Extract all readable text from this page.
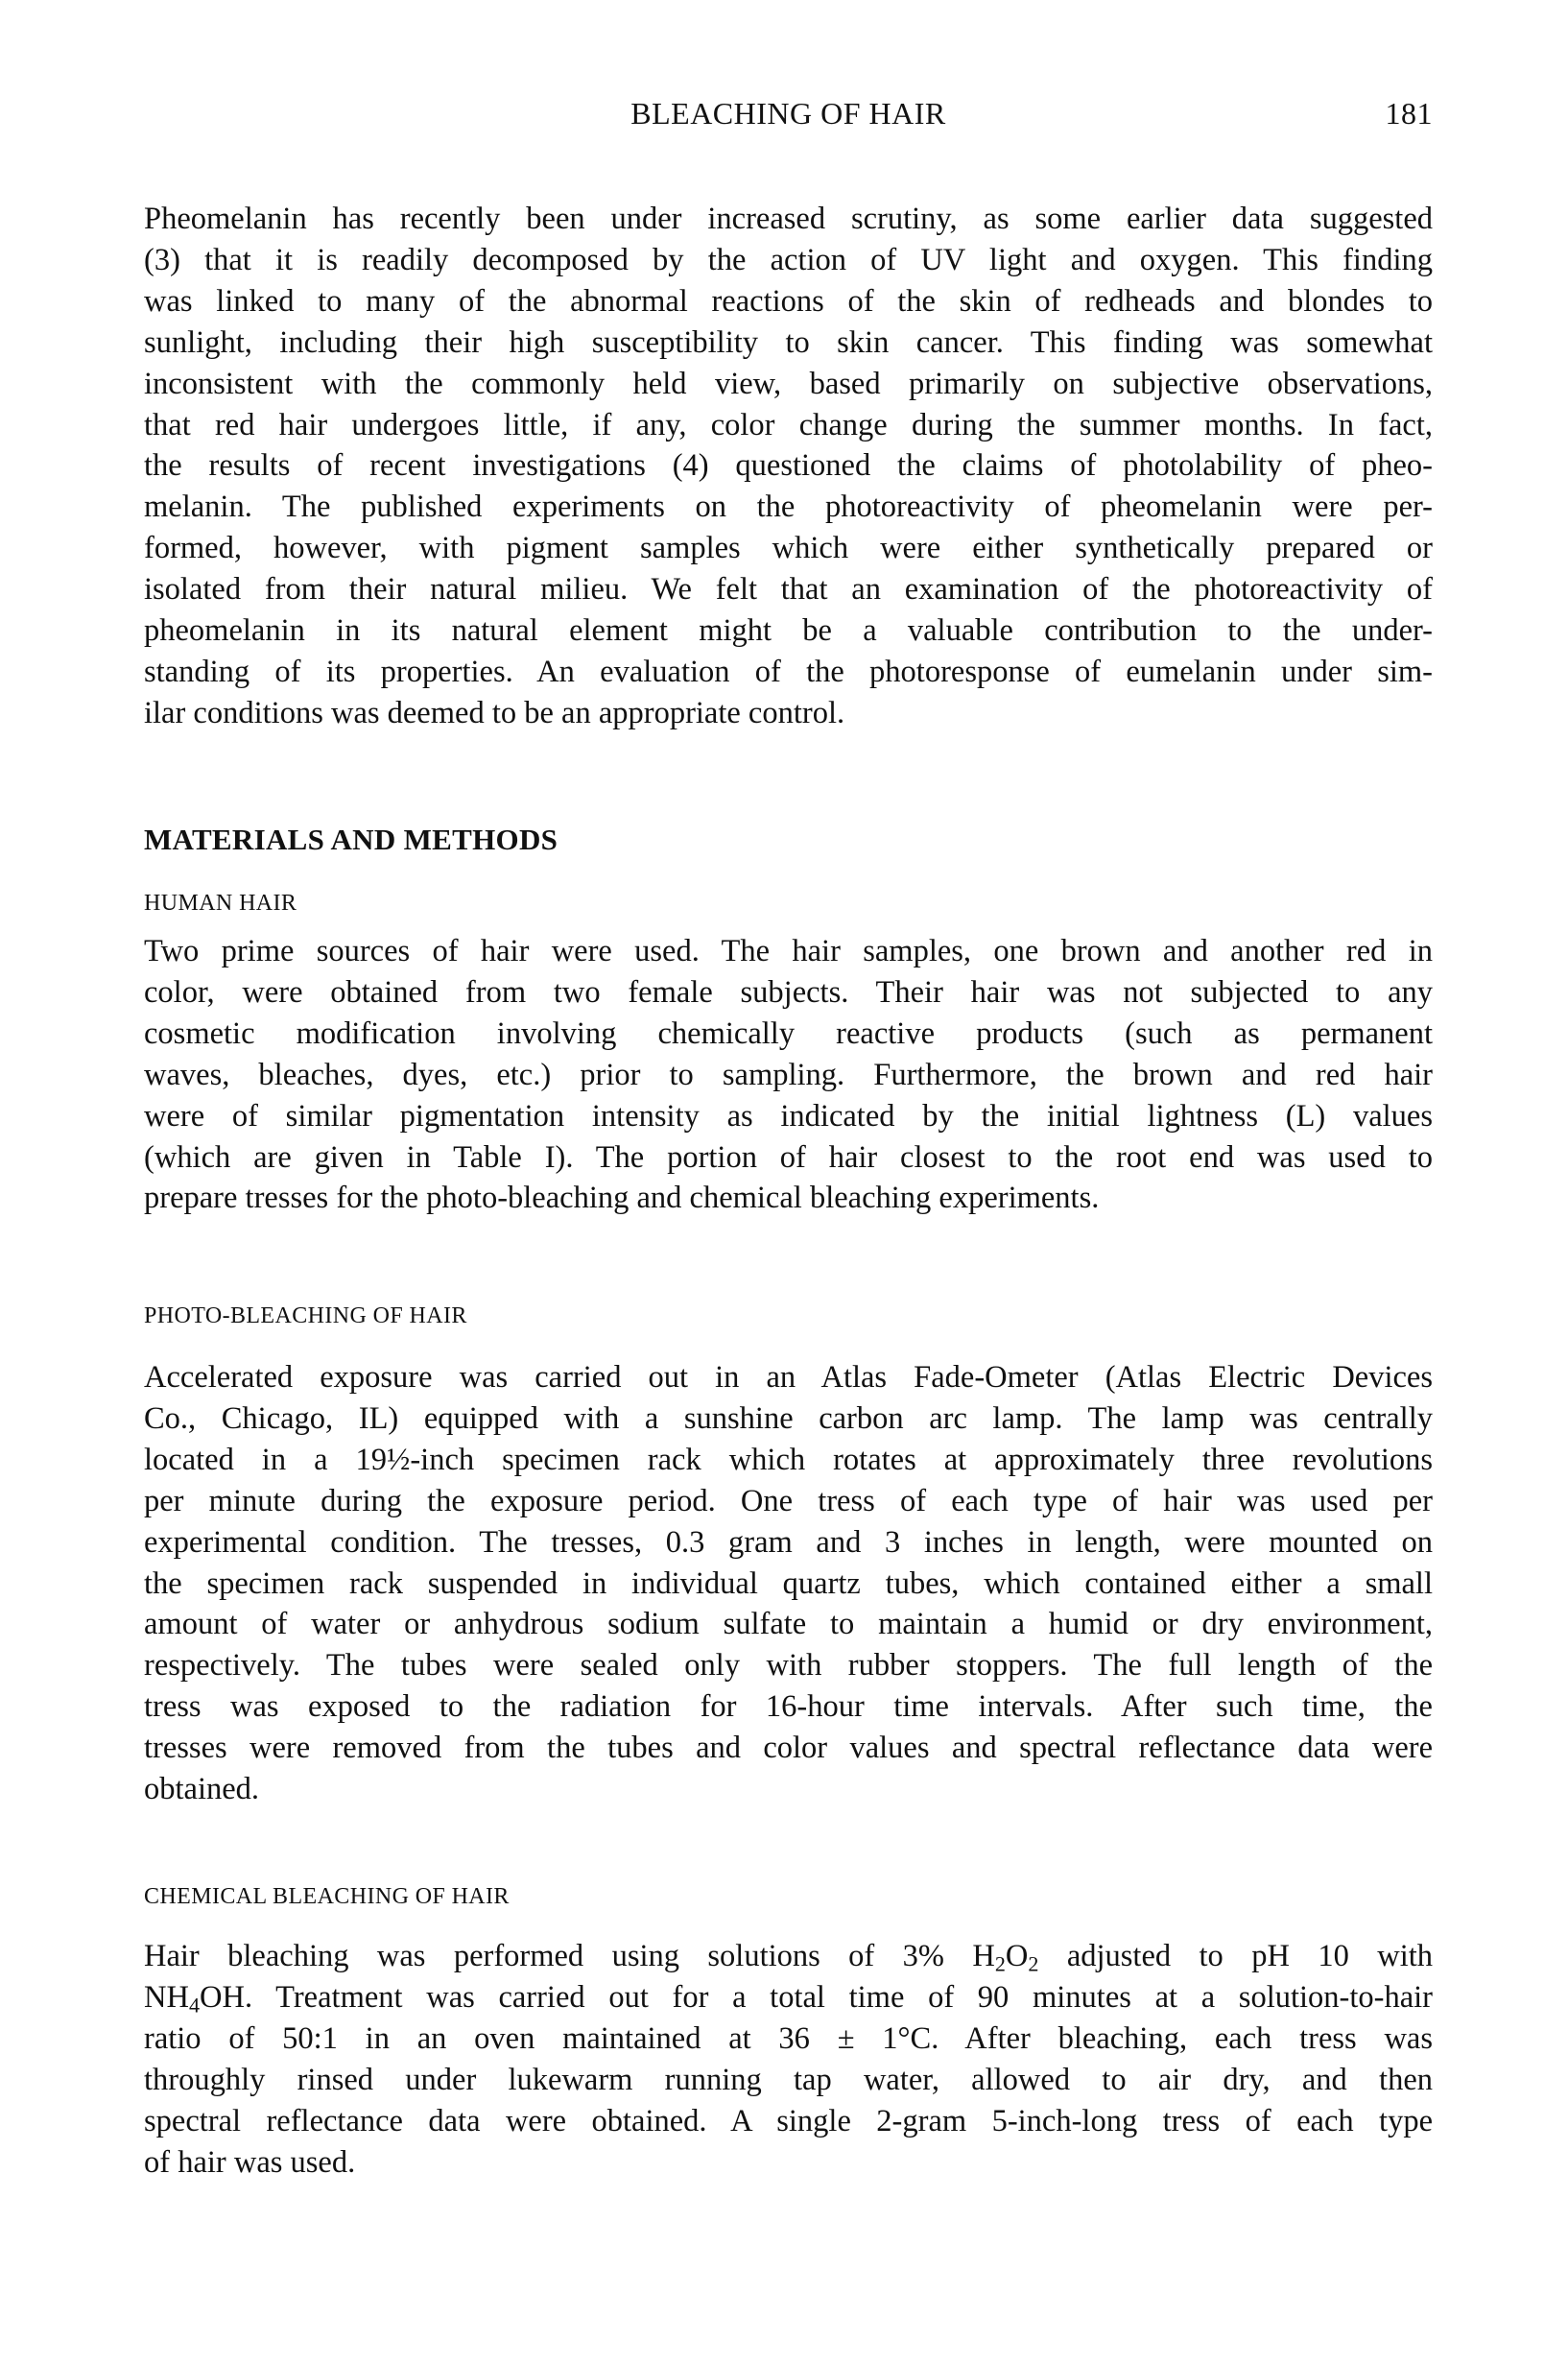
BLEACHING OF HAIR	181
Pheomelanin has recently been under increased scrutiny, as some earlier data suggested
(3) that it is readily decomposed by the action of UV light and oxygen. This finding
was linked to many of the abnormal reactions of the skin of redheads and blondes to
sunlight, including their high susceptibility to skin cancer. This finding was somewhat
inconsistent with the commonly held view, based primarily on subjective observations,
that red hair undergoes little, if any, color change during the summer months. In fact,
the results of recent investigations (4) questioned the claims of photolability of pheo-
melanin. The published experiments on the photoreactivity of pheomelanin were per-
formed, however, with pigment samples which were either synthetically prepared or
isolated from their natural milieu. We felt that an examination of the photoreactivity of
pheomelanin in its natural element might be a valuable contribution to the under-
standing of its properties. An evaluation of the photoresponse of eumelanin under sim-
ilar conditions was deemed to be an appropriate control.
MATERIALS AND METHODS
HUMAN HAIR
Two prime sources of hair were used. The hair samples, one brown and another red in
color, were obtained from two female subjects. Their hair was not subjected to any
cosmetic modification involving chemically reactive products (such as permanent
waves, bleaches, dyes, etc.) prior to sampling. Furthermore, the brown and red hair
were of similar pigmentation intensity as indicated by the initial lightness (L) values
(which are given in Table I). The portion of hair closest to the root end was used to
prepare tresses for the photo-bleaching and chemical bleaching experiments.
PHOTO-BLEACHING OF HAIR
Accelerated exposure was carried out in an Atlas Fade-Ometer (Atlas Electric Devices
Co., Chicago, IL) equipped with a sunshine carbon arc lamp. The lamp was centrally
located in a 19½-inch specimen rack which rotates at approximately three revolutions
per minute during the exposure period. One tress of each type of hair was used per
experimental condition. The tresses, 0.3 gram and 3 inches in length, were mounted on
the specimen rack suspended in individual quartz tubes, which contained either a small
amount of water or anhydrous sodium sulfate to maintain a humid or dry environment,
respectively. The tubes were sealed only with rubber stoppers. The full length of the
tress was exposed to the radiation for 16-hour time intervals. After such time, the
tresses were removed from the tubes and color values and spectral reflectance data were
obtained.
CHEMICAL BLEACHING OF HAIR
Hair bleaching was performed using solutions of 3% $H_2O_2$ adjusted to pH 10 with
$NH_4OH$. Treatment was carried out for a total time of 90 minutes at a solution-to-hair
ratio of 50:1 in an oven maintained at 36 ± 1°C. After bleaching, each tress was
throughly rinsed under lukewarm running tap water, allowed to air dry, and then
spectral reflectance data were obtained. A single 2-gram 5-inch-long tress of each type
of hair was used.
